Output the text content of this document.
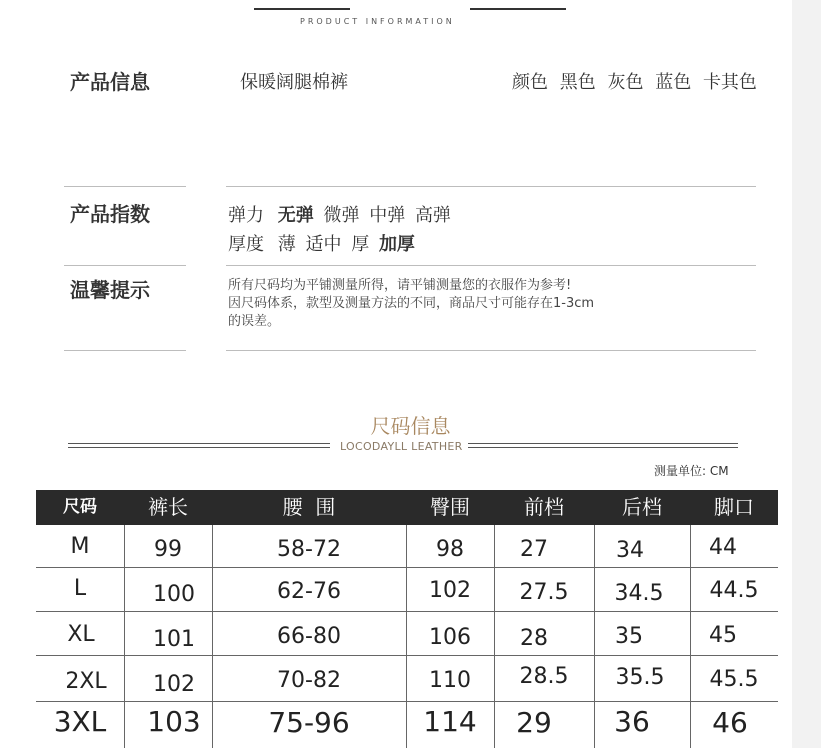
PRODUCT INFORMATION
产品信息	保暖阔腿棉裤	颜色 黑色 灰色 蓝色 卡其色
产品指数	弹力 无弹 微弹 中弹 高弹
厚度 薄 适中 厚 加厚
温馨提示	所有尺码均为平铺测量所得，请平铺测量您的衣服作为参考!
因尺码体系，款型及测量方法的不同，商品尺寸可能存在1-3cm
的误差。
尺码信息
LOCODAYLL LEATHER
测量单位: CM
尺码	裤长	腰  围	臀围	前档	后档	脚口
M	99	58-72	98	27	34	44
L	100	62-76	102	27.5	34.5	44.5
XL	101	66-80	106	28	35	45
2XL	102	70-82	110	28.5	35.5	45.5
3XL	103	75-96	114	29	36	46
